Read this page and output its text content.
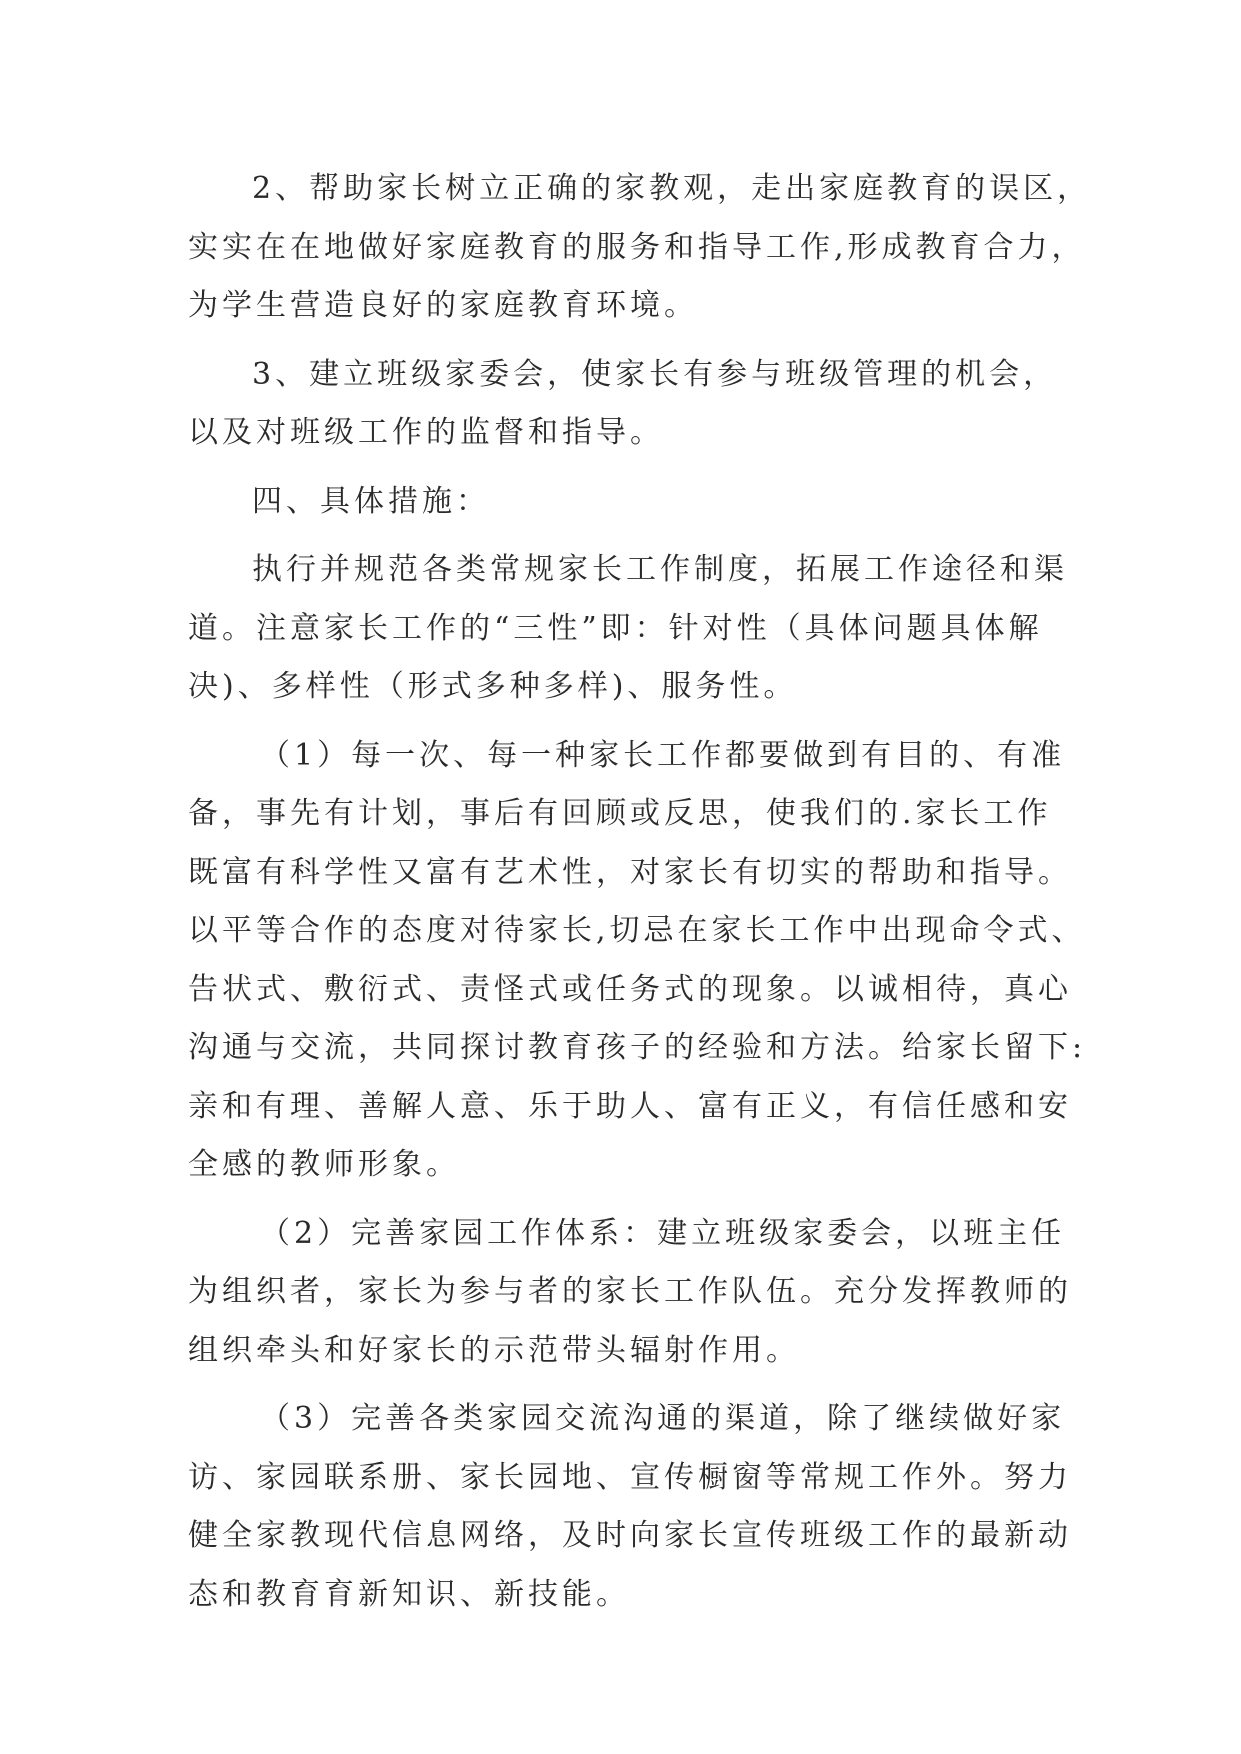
2、帮助家长树立正确的家教观，走出家庭教育的误区，
实实在在地做好家庭教育的服务和指导工作,形成教育合力，
为学生营造良好的家庭教育环境。
3、建立班级家委会，使家长有参与班级管理的机会，
以及对班级工作的监督和指导。
四、具体措施：
执行并规范各类常规家长工作制度，拓展工作途径和渠
道。注意家长工作的“三性”即：针对性（具体问题具体解
决)、多样性（形式多种多样)、服务性。
（1）每一次、每一种家长工作都要做到有目的、有准
备，事先有计划，事后有回顾或反思，使我们的.家长工作
既富有科学性又富有艺术性，对家长有切实的帮助和指导。
以平等合作的态度对待家长,切忌在家长工作中出现命令式、
告状式、敷衍式、责怪式或任务式的现象。以诚相待，真心
沟通与交流，共同探讨教育孩子的经验和方法。给家长留下:
亲和有理、善解人意、乐于助人、富有正义，有信任感和安
全感的教师形象。
（2）完善家园工作体系：建立班级家委会，以班主任
为组织者，家长为参与者的家长工作队伍。充分发挥教师的
组织牵头和好家长的示范带头辐射作用。
（3）完善各类家园交流沟通的渠道，除了继续做好家
访、家园联系册、家长园地、宣传橱窗等常规工作外。努力
健全家教现代信息网络，及时向家长宣传班级工作的最新动
态和教育育新知识、新技能。
